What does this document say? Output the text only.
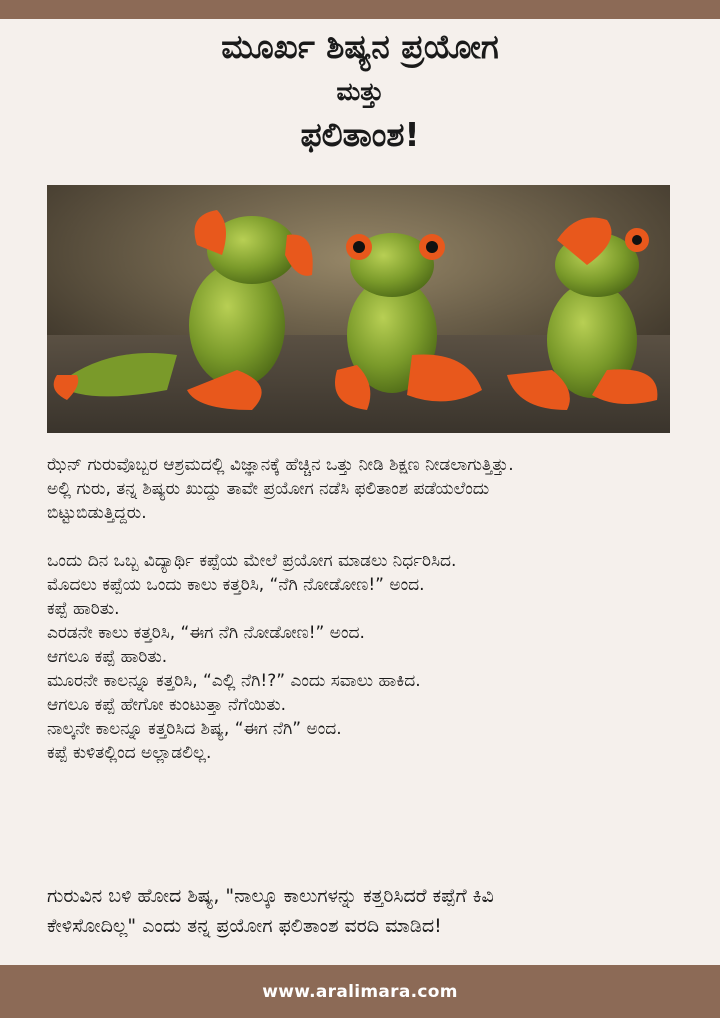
ಮೂರ್ಖ ಶಿಷ್ಯನ ಪ್ರಯೋಗ

ಮತ್ತು

ಫಲಿತಾಂಶ!

ಝೆನ್ ಗುರುವೊಬ್ಬರ ಆಶ್ರಮದಲ್ಲಿ ವಿಜ್ಞಾನಕ್ಕೆ ಹೆಚ್ಚಿನ ಒತ್ತು ನೀಡಿ ಶಿಕ್ಷಣ ನೀಡಲಾಗುತ್ತಿತ್ತು.
ಅಲ್ಲಿ ಗುರು, ತನ್ನ ಶಿಷ್ಯರು ಖುದ್ದು ತಾವೇ ಪ್ರಯೋಗ ನಡೆಸಿ ಫಲಿತಾಂಶ ಪಡೆಯಲೆಂದು
ಬಿಟ್ಟುಬಿಡುತ್ತಿದ್ದರು.

ಒಂದು ದಿನ ಒಬ್ಬ ವಿದ್ಯಾರ್ಥಿ ಕಪ್ಪೆಯ ಮೇಲೆ ಪ್ರಯೋಗ ಮಾಡಲು ನಿರ್ಧರಿಸಿದ.
ಮೊದಲು ಕಪ್ಪೆಯ ಒಂದು ಕಾಲು ಕತ್ತರಿಸಿ, “ನೆಗಿ ನೋಡೋಣ!” ಅಂದ.
ಕಪ್ಪೆ ಹಾರಿತು.
ಎರಡನೇ ಕಾಲು ಕತ್ತರಿಸಿ, “ಈಗ ನೆಗಿ ನೋಡೋಣ!” ಅಂದ.
ಆಗಲೂ ಕಪ್ಪೆ ಹಾರಿತು.
ಮೂರನೇ ಕಾಲನ್ನೂ ಕತ್ತರಿಸಿ, “ಎಲ್ಲಿ ನೆಗಿ!?” ಎಂದು ಸವಾಲು ಹಾಕಿದ.
ಆಗಲೂ ಕಪ್ಪೆ ಹೇಗೋ ಕುಂಟುತ್ತಾ ನೆಗೆಯಿತು.
ನಾಲ್ಕನೇ ಕಾಲನ್ನೂ ಕತ್ತರಿಸಿದ ಶಿಷ್ಯ, “ಈಗ ನೆಗಿ” ಅಂದ.
ಕಪ್ಪೆ ಕುಳಿತಲ್ಲಿಂದ ಅಲ್ಲಾಡಲಿಲ್ಲ.

ಗುರುವಿನ ಬಳಿ ಹೋದ ಶಿಷ್ಯ, "ನಾಲ್ಕೂ ಕಾಲುಗಳನ್ನು ಕತ್ತರಿಸಿದರೆ ಕಪ್ಪೆಗೆ ಕಿವಿ
ಕೇಳಿಸೋದಿಲ್ಲ" ಎಂದು ತನ್ನ ಪ್ರಯೋಗ ಫಲಿತಾಂಶ ವರದಿ ಮಾಡಿದ!
www.aralimara.com
